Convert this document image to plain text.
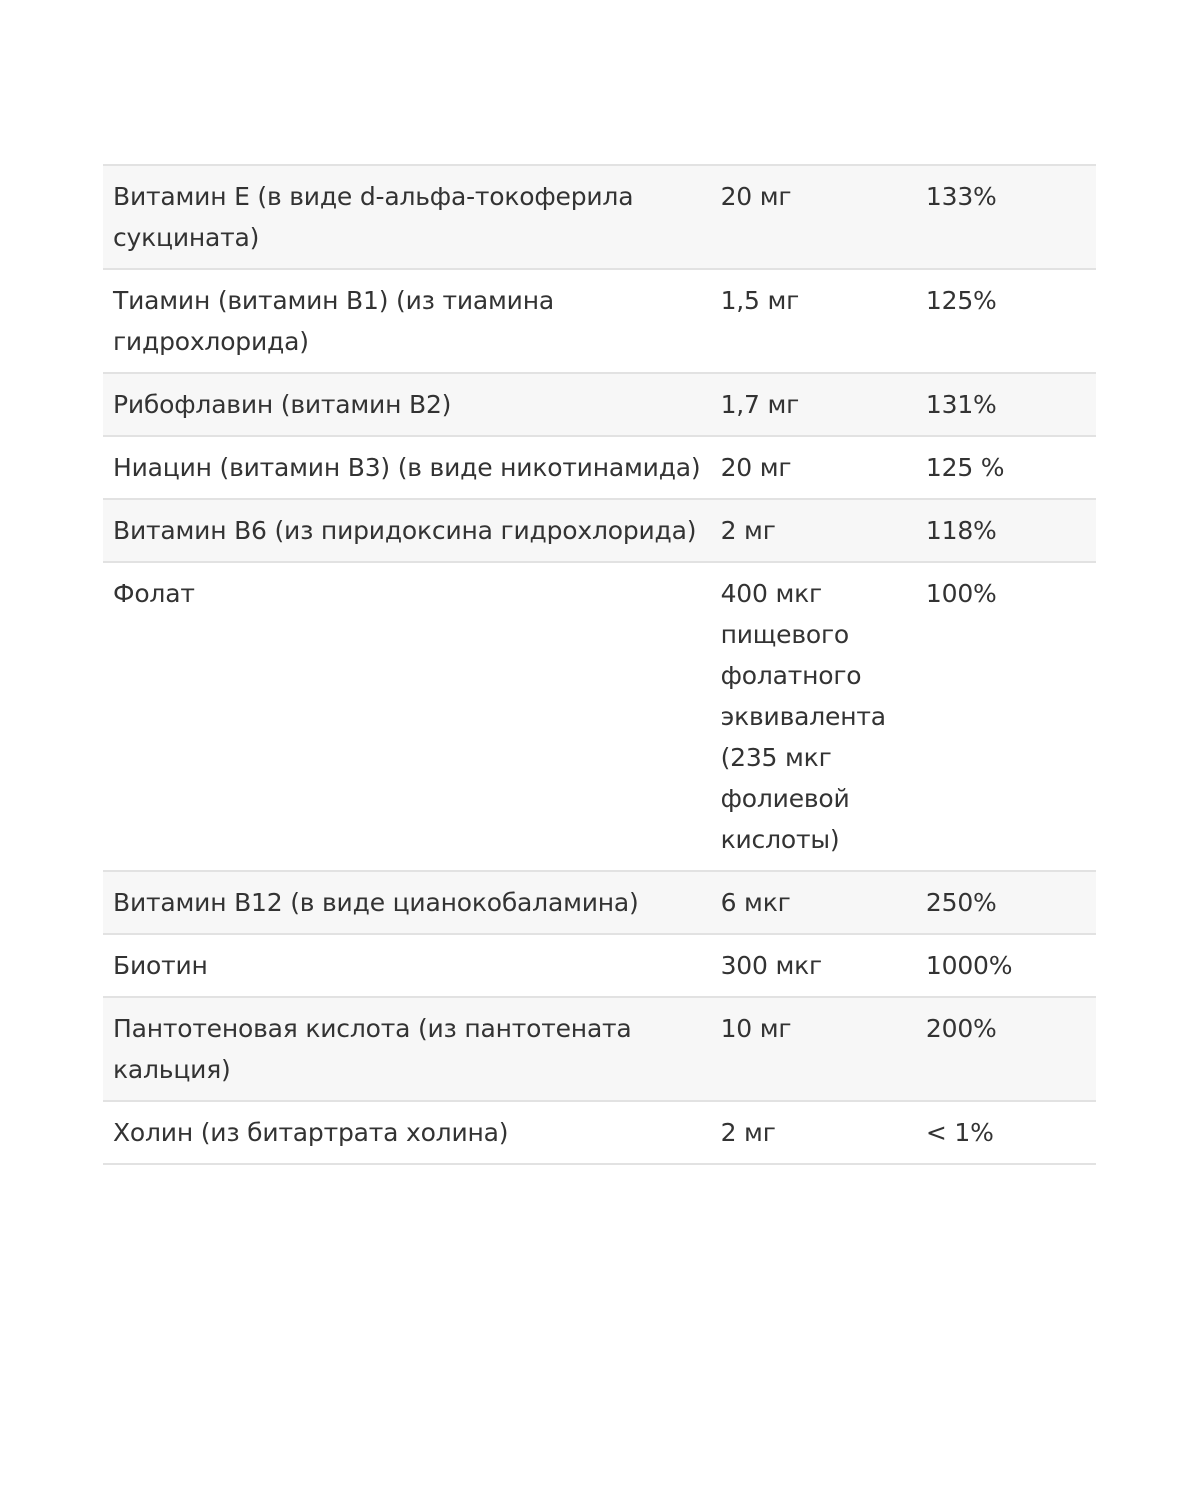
Витамин Е (в виде d-альфа-токоферила сукцината)	20 мг	133%
Тиамин (витамин B1) (из тиамина гидрохлорида)	1,5 мг	125%
Рибофлавин (витамин B2)	1,7 мг	131%
Ниацин (витамин B3) (в виде никотинамида)	20 мг	125 %
Витамин B6 (из пиридоксина гидрохлорида)	2 мг	118%
Фолат	400 мкг пищевого фолатного эквивалента (235 мкг фолиевой кислоты)	100%
Витамин B12 (в виде цианокобаламина)	6 мкг	250%
Биотин	300 мкг	1000%
Пантотеновая кислота (из пантотената кальция)	10 мг	200%
Холин (из битартрата холина)	2 мг	< 1%
